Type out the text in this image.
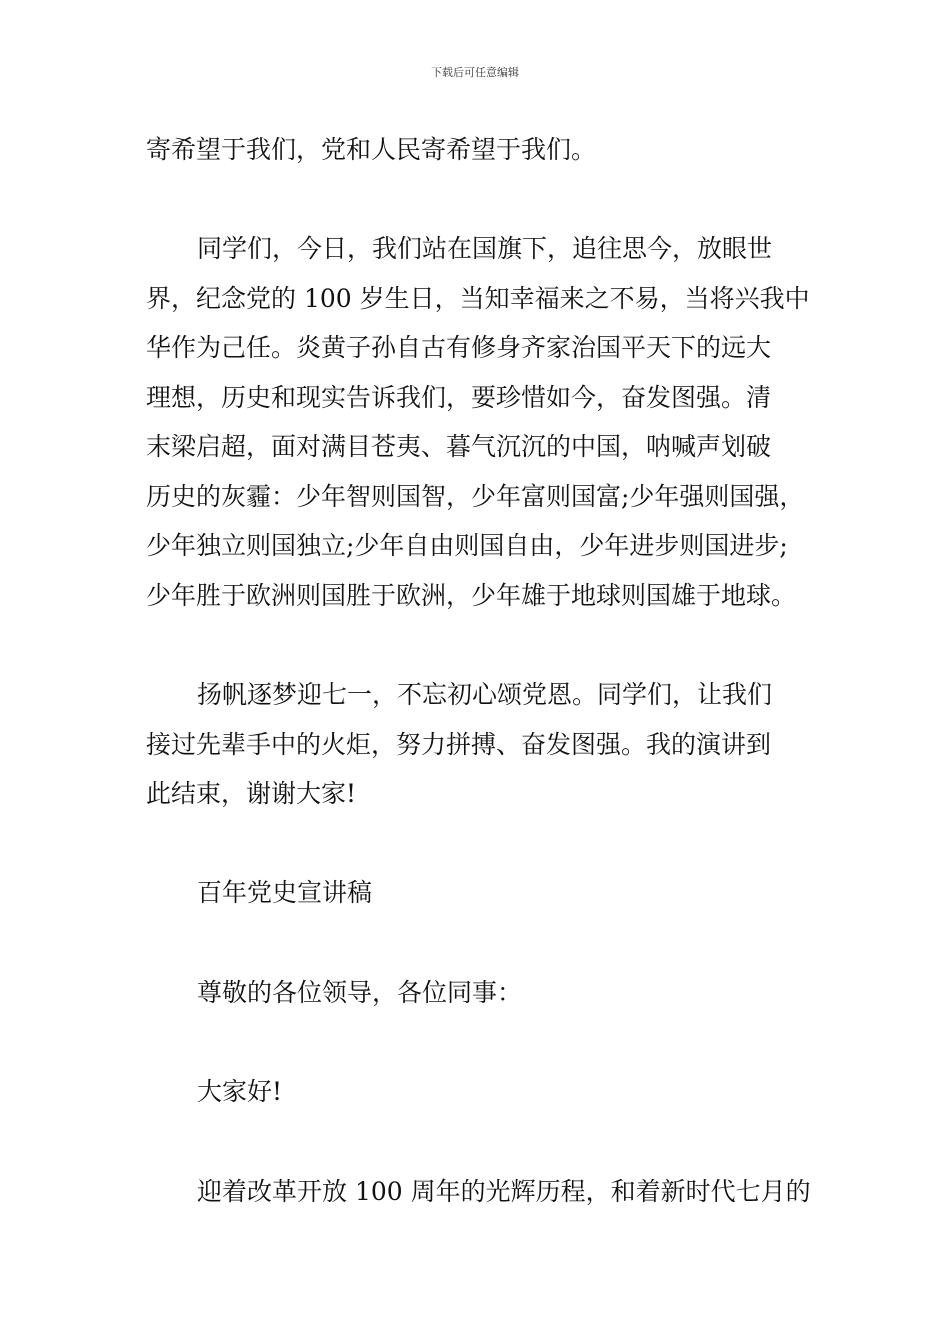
下载后可任意编辑
寄希望于我们，党和人民寄希望于我们。
同学们，今日，我们站在国旗下，追往思今，放眼世
界，纪念党的 100 岁生日，当知幸福来之不易，当将兴我中
华作为己任。炎黄子孙自古有修身齐家治国平天下的远大
理想，历史和现实告诉我们，要珍惜如今，奋发图强。清
末梁启超，面对满目苍夷、暮气沉沉的中国，呐喊声划破
历史的灰霾：少年智则国智，少年富则国富;少年强则国强，
少年独立则国独立;少年自由则国自由，少年进步则国进步;
少年胜于欧洲则国胜于欧洲，少年雄于地球则国雄于地球。
扬帆逐梦迎七一，不忘初心颂党恩。同学们，让我们
接过先辈手中的火炬，努力拼搏、奋发图强。我的演讲到
此结束，谢谢大家!
百年党史宣讲稿
尊敬的各位领导，各位同事：
大家好!
迎着改革开放 100 周年的光辉历程，和着新时代七月的
